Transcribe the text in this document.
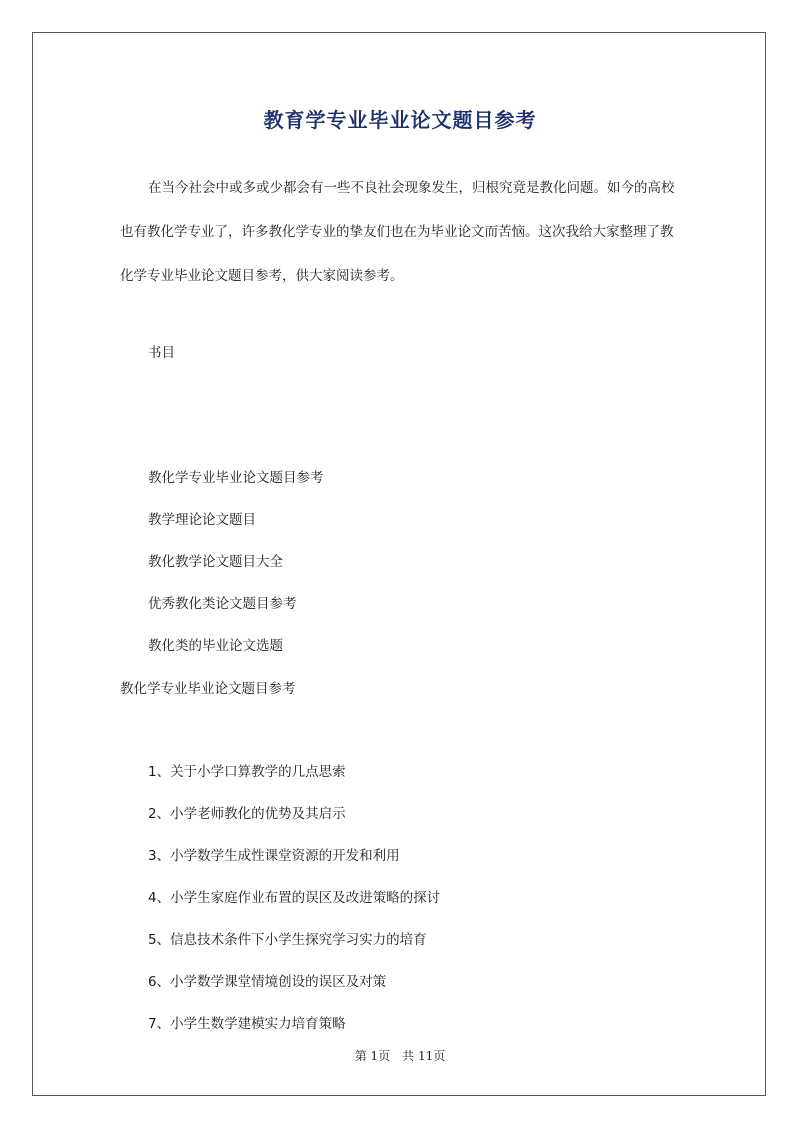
教育学专业毕业论文题目参考

在当今社会中或多或少都会有一些不良社会现象发生，归根究竟是教化问题。如今的高校也有教化学专业了，许多教化学专业的挚友们也在为毕业论文而苦恼。这次我给大家整理了教化学专业毕业论文题目参考，供大家阅读参考。

书目

教化学专业毕业论文题目参考

教学理论论文题目

教化教学论文题目大全

优秀教化类论文题目参考

教化类的毕业论文选题

教化学专业毕业论文题目参考

1、关于小学口算教学的几点思索

2、小学老师教化的优势及其启示

3、小学数学生成性课堂资源的开发和利用

4、小学生家庭作业布置的误区及改进策略的探讨

5、信息技术条件下小学生探究学习实力的培育

6、小学数学课堂情境创设的误区及对策

7、小学生数学建模实力培育策略

第 1页　共 11页
